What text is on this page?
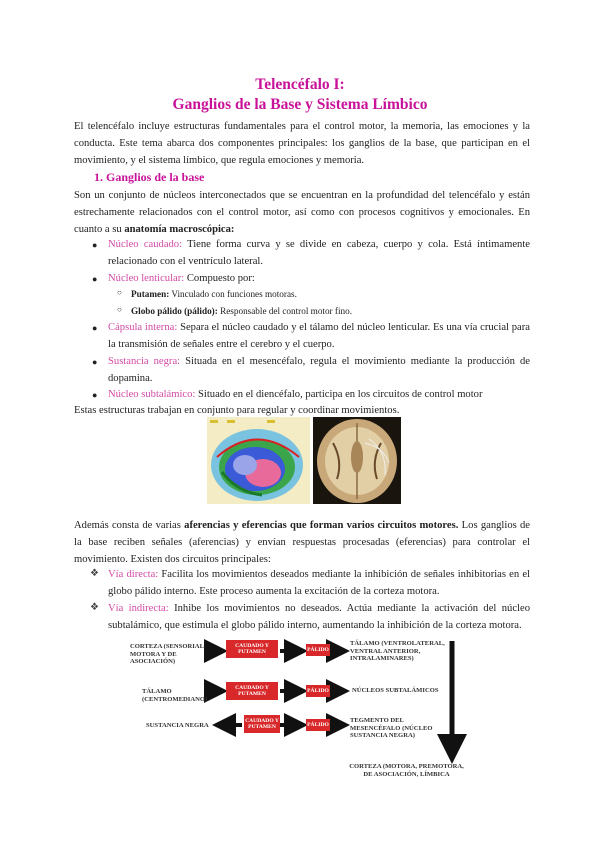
Telencéfalo I:
Ganglios de la Base y Sistema Límbico
El telencéfalo incluye estructuras fundamentales para el control motor, la memoria, las emociones y la conducta. Este tema abarca dos componentes principales: los ganglios de la base, que participan en el movimiento, y el sistema límbico, que regula emociones y memoria.
1. Ganglios de la base
Son un conjunto de núcleos interconectados que se encuentran en la profundidad del telencéfalo y están estrechamente relacionados con el control motor, así como con procesos cognitivos y emocionales. En cuanto a su anatomía macroscópica:
● Núcleo caudado: Tiene forma curva y se divide en cabeza, cuerpo y cola. Está íntimamente relacionado con el ventrículo lateral.
● Núcleo lenticular: Compuesto por:
○ Putamen: Vinculado con funciones motoras.
○ Globo pálido (pálido): Responsable del control motor fino.
● Cápsula interna: Separa el núcleo caudado y el tálamo del núcleo lenticular. Es una vía crucial para la transmisión de señales entre el cerebro y el cuerpo.
● Sustancia negra: Situada en el mesencéfalo, regula el movimiento mediante la producción de dopamina.
● Núcleo subtalámico: Situado en el diencéfalo, participa en los circuitos de control motor
Estas estructuras trabajan en conjunto para regular y coordinar movimientos.
Además consta de varias aferencias y eferencias que forman varios circuitos motores. Los ganglios de la base reciben señales (aferencias) y envían respuestas procesadas (eferencias) para controlar el movimiento. Existen dos circuitos principales:
❖ Vía directa: Facilita los movimientos deseados mediante la inhibición de señales inhibitorias en el globo pálido interno. Este proceso aumenta la excitación de la corteza motora.
❖ Vía indirecta: Inhibe los movimientos no deseados. Actúa mediante la activación del núcleo subtalámico, que estimula el globo pálido interno, aumentando la inhibición de la corteza motora.
CORTEZA (SENSORIAL, MOTORA Y DE ASOCIACIÓN)
TÁLAMO (CENTROMEDIANO)
SUSTANCIA NEGRA
CAUDADO Y PUTAMEN
CAUDADO Y PUTAMEN
CAUDADO Y PUTAMEN
PÁLIDO
PÁLIDO
PÁLIDO
TÁLAMO (VENTROLATERAL, VENTRAL ANTERIOR, INTRALAMINARES)
NÚCLEOS SUBTALÁMICOS
TEGMENTO DEL MESENCÉFALO (NÚCLEO SUSTANCIA NEGRA)
CORTEZA (MOTORA, PREMOTORA, DE ASOCIACIÓN, LÍMBICA
